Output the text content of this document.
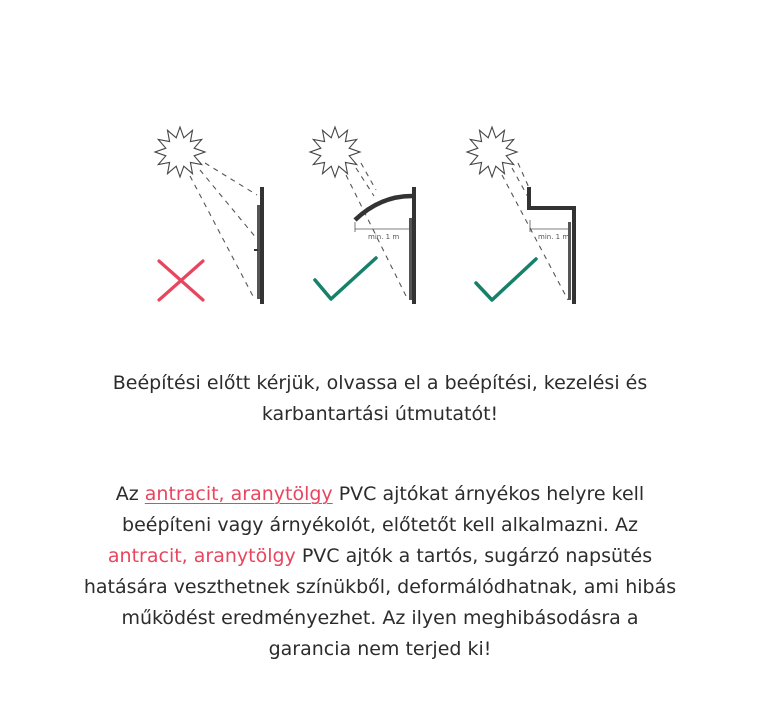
min. 1 m	min. 1 m

Beépítési előtt kérjük, olvassa el a beépítési, kezelési és
karbantartási útmutatót!

Az antracit, aranytölgy PVC ajtókat árnyékos helyre kell
beépíteni vagy árnyékolót, előtetőt kell alkalmazni. Az
antracit, aranytölgy PVC ajtók a tartós, sugárzó napsütés
hatására veszthetnek színükből, deformálódhatnak, ami hibás
működést eredményezhet. Az ilyen meghibásodásra a
garancia nem terjed ki!
